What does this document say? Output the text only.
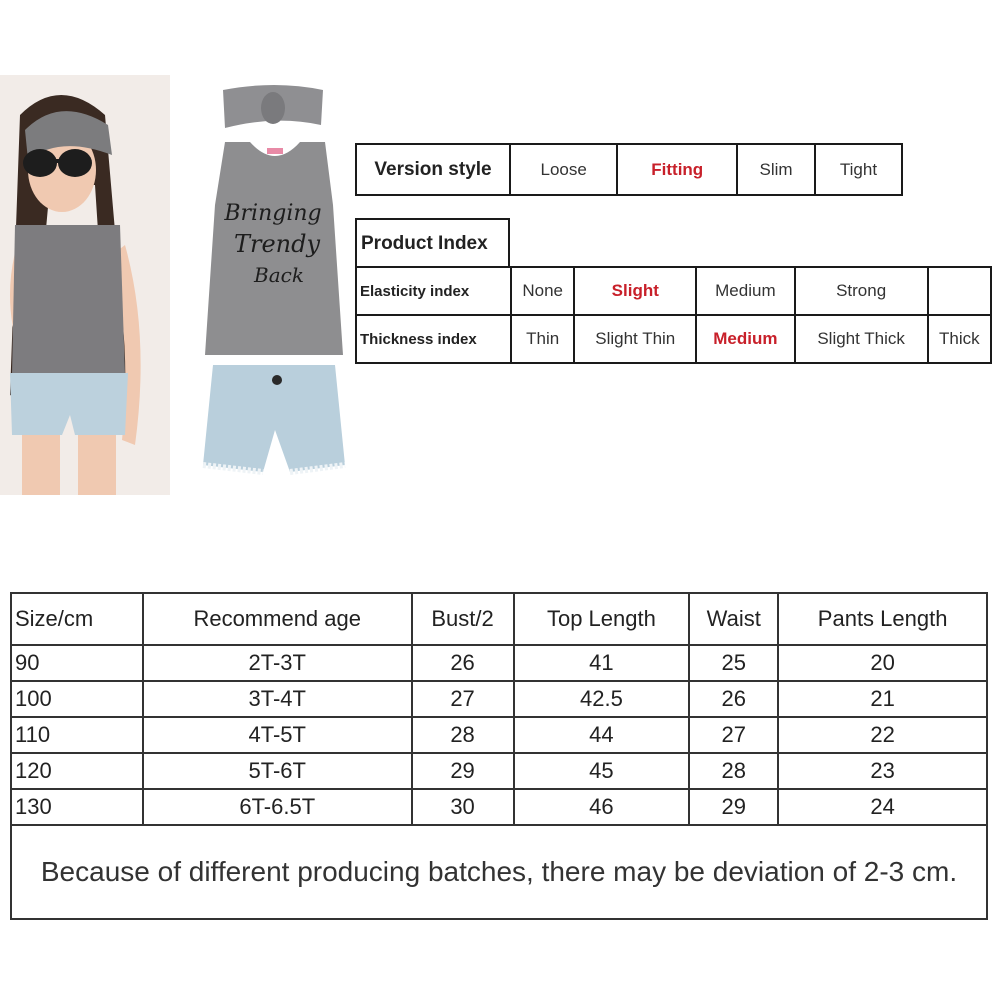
Bringing
Trendy
Back
Version style	Loose	Fitting	Slim	Tight
Product Index
Elasticity index	None	Slight	Medium	Strong	
Thickness index	Thin	Slight Thin	Medium	Slight Thick	Thick
Size/cm	Recommend age	Bust/2	Top Length	Waist	Pants Length
90	2T-3T	26	41	25	20
100	3T-4T	27	42.5	26	21
110	4T-5T	28	44	27	22
120	5T-6T	29	45	28	23
130	6T-6.5T	30	46	29	24
Because of different producing batches, there may be deviation of 2-3 cm.					
